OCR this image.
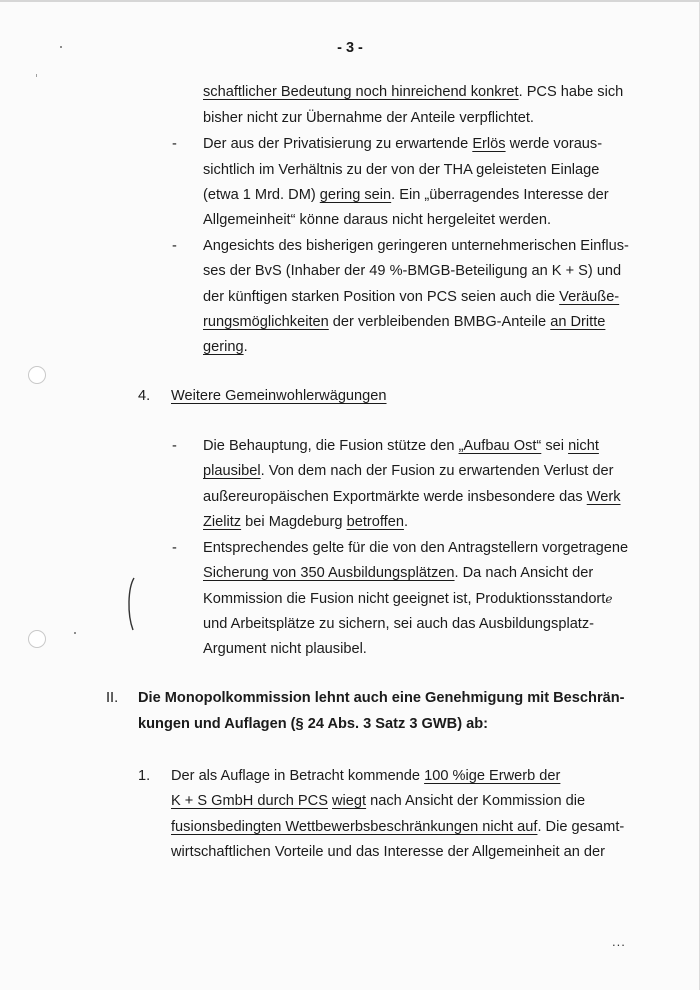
- 3 -
schaftlicher Bedeutung noch hinreichend konkret. PCS habe sich
bisher nicht zur Übernahme der Anteile verpflichtet.
- Der aus der Privatisierung zu erwartende Erlös werde voraus-
sichtlich im Verhältnis zu der von der THA geleisteten Einlage
(etwa 1 Mrd. DM) gering sein. Ein „überragendes Interesse der
Allgemeinheit“ könne daraus nicht hergeleitet werden.
- Angesichts des bisherigen geringeren unternehmerischen Einflus-
ses der BvS (Inhaber der 49 %-BMGB-Beteiligung an K + S) und
der künftigen starken Position von PCS seien auch die Veräuße-
rungsmöglichkeiten der verbleibenden BMBG-Anteile an Dritte
gering.
4. Weitere Gemeinwohlerwägungen
- Die Behauptung, die Fusion stütze den „Aufbau Ost“ sei nicht
plausibel. Von dem nach der Fusion zu erwartenden Verlust der
außereuropäischen Exportmärkte werde insbesondere das Werk
Zielitz bei Magdeburg betroffen.
- Entsprechendes gelte für die von den Antragstellern vorgetragene
Sicherung von 350 Ausbildungsplätzen. Da nach Ansicht der
Kommission die Fusion nicht geeignet ist, Produktionsstandorte
und Arbeitsplätze zu sichern, sei auch das Ausbildungsplatz-
Argument nicht plausibel.
II. Die Monopolkommission lehnt auch eine Genehmigung mit Beschrän-
kungen und Auflagen (§ 24 Abs. 3 Satz 3 GWB) ab:
1. Der als Auflage in Betracht kommende 100 %ige Erwerb der
K + S GmbH durch PCS wiegt nach Ansicht der Kommission die
fusionsbedingten Wettbewerbsbeschränkungen nicht auf. Die gesamt-
wirtschaftlichen Vorteile und das Interesse der Allgemeinheit an der
...
